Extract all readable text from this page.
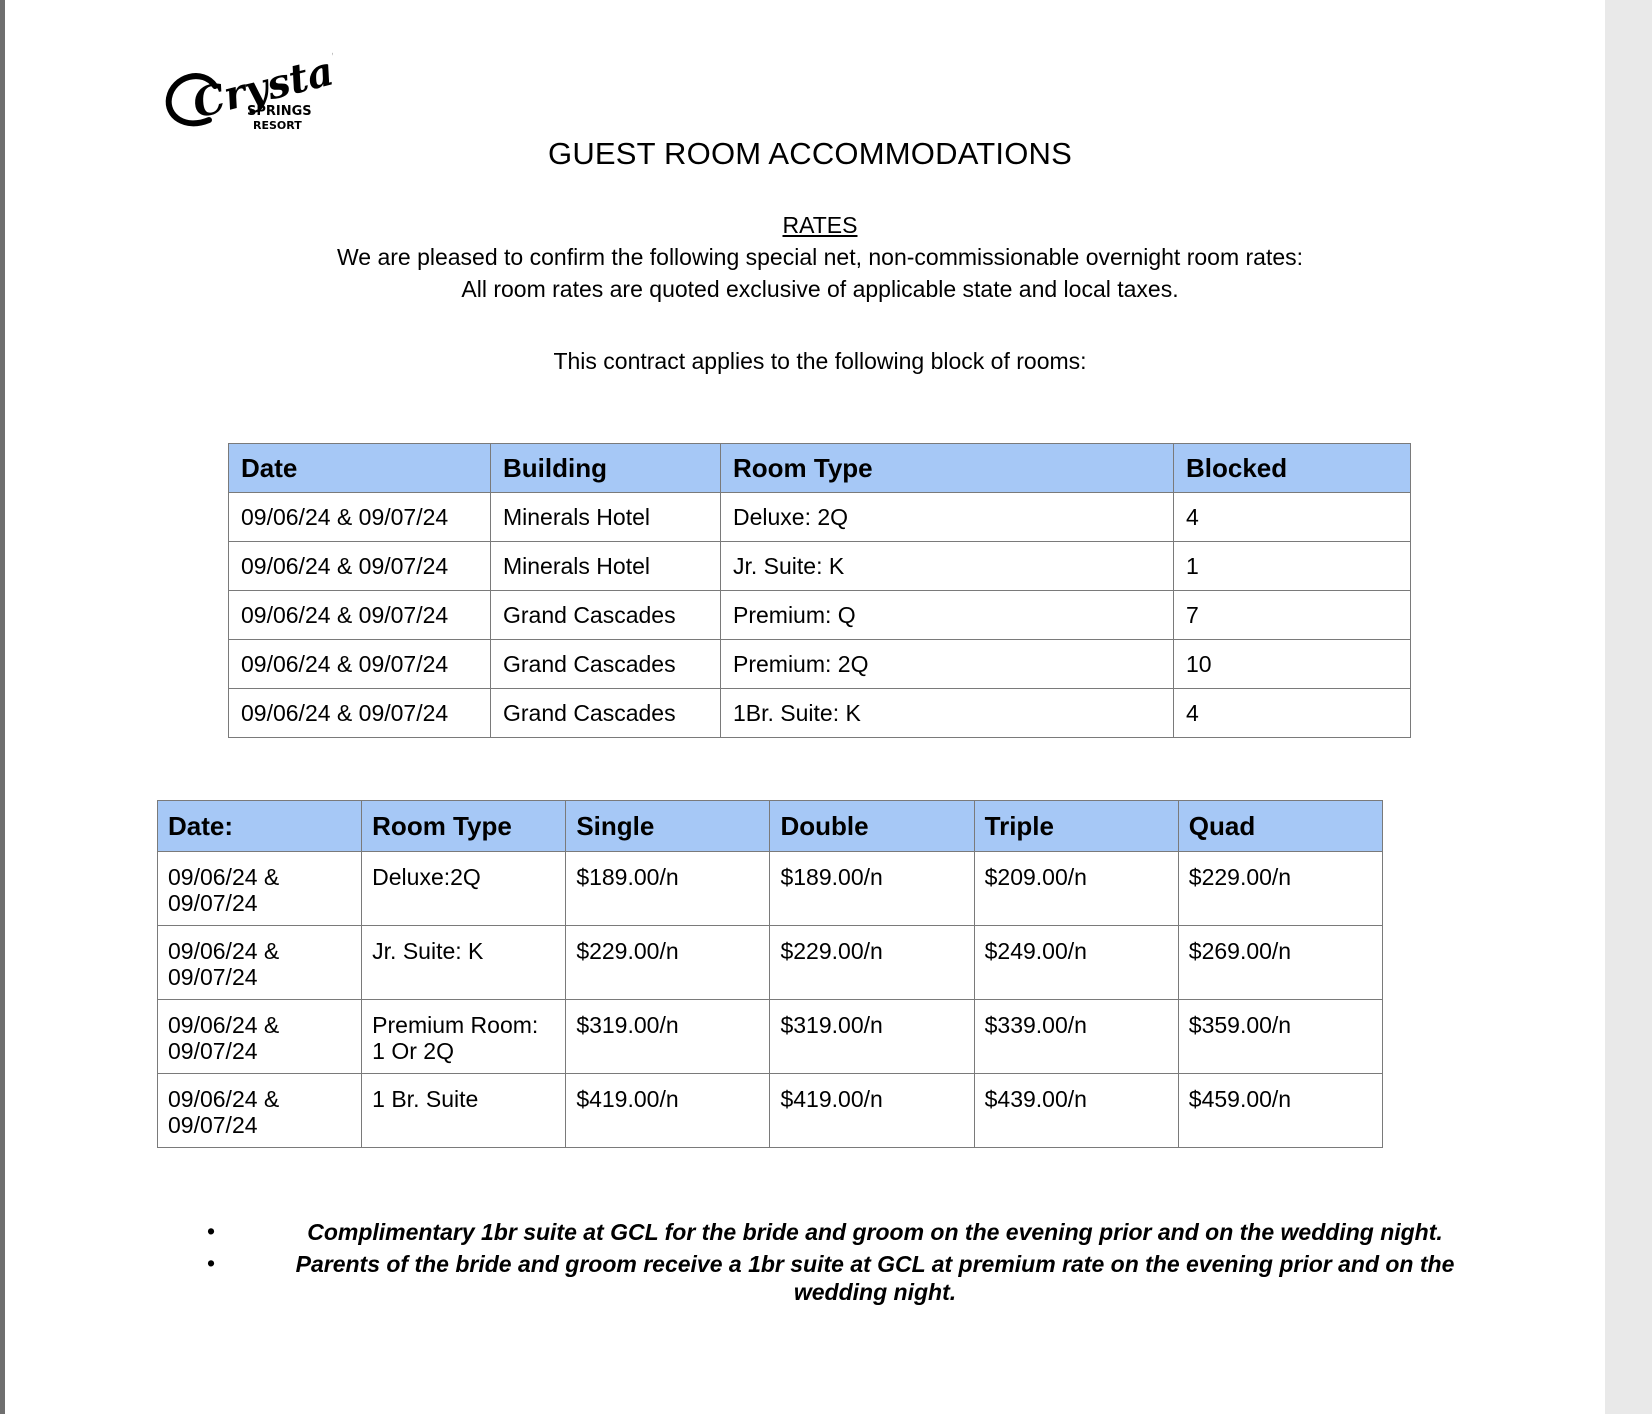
Crystal
SPRINGS
RESORT
GUEST ROOM ACCOMMODATIONS
RATES
We are pleased to confirm the following special net, non-commissionable overnight room rates:
All room rates are quoted exclusive of applicable state and local taxes.
This contract applies to the following block of rooms:
Date	Building	Room Type	Blocked
09/06/24 & 09/07/24	Minerals Hotel	Deluxe: 2Q	4
09/06/24 & 09/07/24	Minerals Hotel	Jr. Suite: K	1
09/06/24 & 09/07/24	Grand Cascades	Premium: Q	7
09/06/24 & 09/07/24	Grand Cascades	Premium: 2Q	10
09/06/24 & 09/07/24	Grand Cascades	1Br. Suite: K	4
Date:	Room Type	Single	Double	Triple	Quad
09/06/24 & 09/07/24	Deluxe:2Q	$189.00/n	$189.00/n	$209.00/n	$229.00/n
09/06/24 & 09/07/24	Jr. Suite: K	$229.00/n	$229.00/n	$249.00/n	$269.00/n
09/06/24 & 09/07/24	Premium Room: 1 Or 2Q	$319.00/n	$319.00/n	$339.00/n	$359.00/n
09/06/24 & 09/07/24	1 Br. Suite	$419.00/n	$419.00/n	$439.00/n	$459.00/n
•	Complimentary 1br suite at GCL for the bride and groom on the evening prior and on the wedding night.
•	Parents of the bride and groom receive a 1br suite at GCL at premium rate on the evening prior and on the wedding night.
